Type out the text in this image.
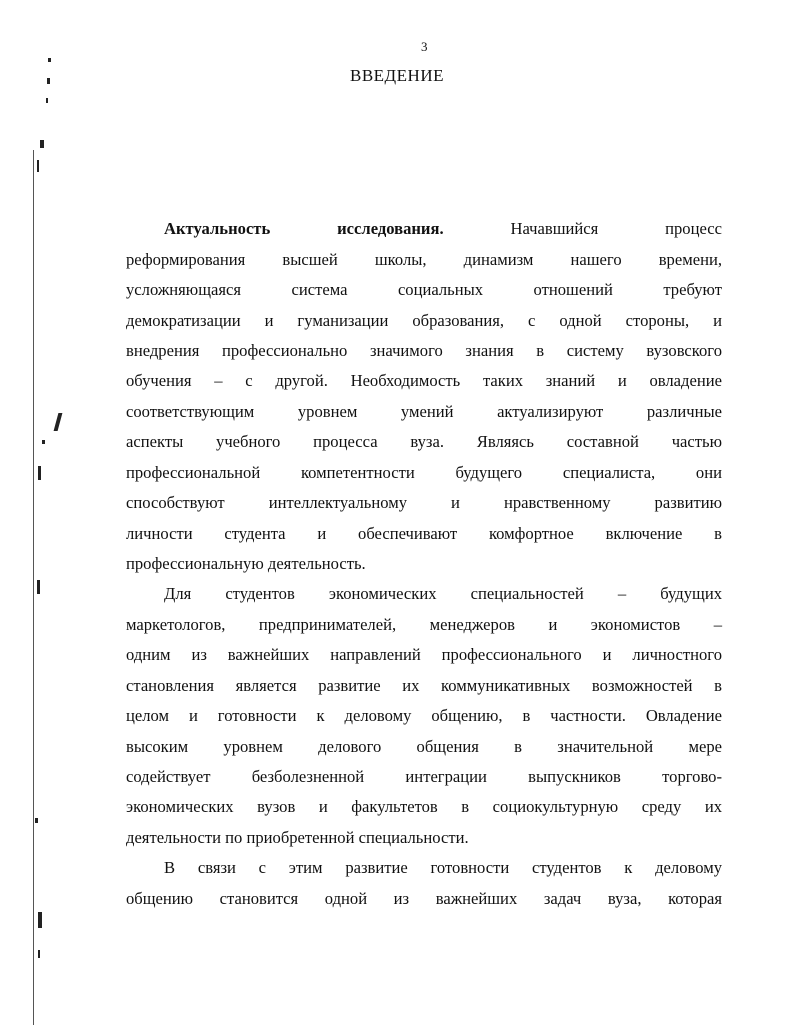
3
ВВЕДЕНИЕ
Актуальность исследования.	Начавшийся процесс
реформирования высшей школы, динамизм нашего времени,
усложняющаяся система социальных отношений требуют
демократизации и гуманизации образования, с одной стороны, и
внедрения профессионально значимого знания в систему вузовского
обучения – с другой. Необходимость таких знаний и овладение
соответствующим уровнем умений актуализируют различные
аспекты учебного процесса вуза. Являясь составной частью
профессиональной компетентности будущего специалиста, они
способствуют интеллектуальному и нравственному развитию
личности студента и обеспечивают комфортное включение в
профессиональную деятельность.
Для студентов экономических специальностей – будущих
маркетологов, предпринимателей, менеджеров и экономистов –
одним из важнейших направлений профессионального и личностного
становления является развитие их коммуникативных возможностей в
целом и готовности к деловому общению, в частности. Овладение
высоким уровнем делового общения в значительной мере
содействует безболезненной интеграции выпускников торгово-
экономических вузов и факультетов в социокультурную среду их
деятельности по приобретенной специальности.
В связи с этим развитие готовности студентов к деловому
общению становится одной из важнейших задач вуза, которая
